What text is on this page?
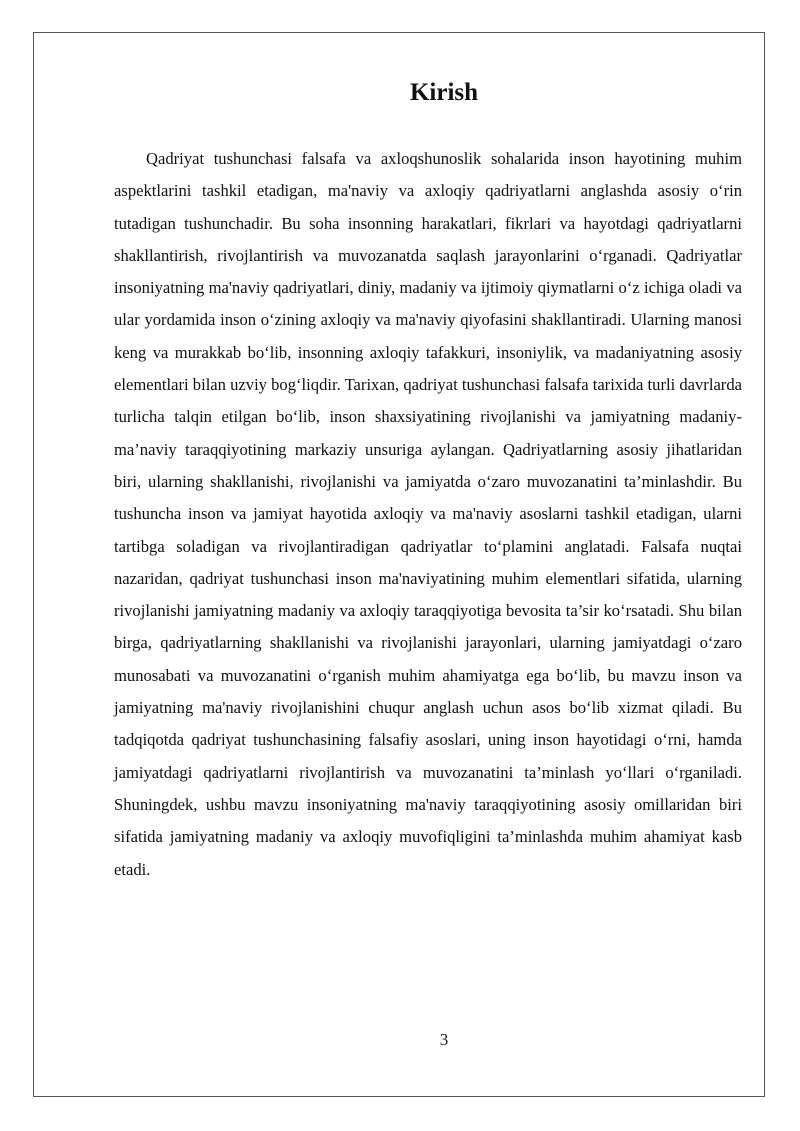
Kirish

Qadriyat tushunchasi falsafa va axloqshunoslik sohalarida inson hayotining muhim aspektlarini tashkil etadigan, ma'naviy va axloqiy qadriyatlarni anglashda asosiy o‘rin tutadigan tushunchadir. Bu soha insonning harakatlari, fikrlari va hayotdagi qadriyatlarni shakllantirish, rivojlantirish va muvozanatda saqlash jarayonlarini o‘rganadi. Qadriyatlar insoniyatning ma'naviy qadriyatlari, diniy, madaniy va ijtimoiy qiymatlarni o‘z ichiga oladi va ular yordamida inson o‘zining axloqiy va ma'naviy qiyofasini shakllantiradi. Ularning manosi keng va murakkab bo‘lib, insonning axloqiy tafakkuri, insoniylik, va madaniyatning asosiy elementlari bilan uzviy bog‘liqdir. Tarixan, qadriyat tushunchasi falsafa tarixida turli davrlarda turlicha talqin etilgan bo‘lib, inson shaxsiyatining rivojlanishi va jamiyatning madaniy-ma’naviy taraqqiyotining markaziy unsuriga aylangan. Qadriyatlarning asosiy jihatlaridan biri, ularning shakllanishi, rivojlanishi va jamiyatda o‘zaro muvozanatini ta’minlashdir. Bu tushuncha inson va jamiyat hayotida axloqiy va ma'naviy asoslarni tashkil etadigan, ularni tartibga soladigan va rivojlantiradigan qadriyatlar to‘plamini anglatadi. Falsafa nuqtai nazaridan, qadriyat tushunchasi inson ma'naviyatining muhim elementlari sifatida, ularning rivojlanishi jamiyatning madaniy va axloqiy taraqqiyotiga bevosita ta’sir ko‘rsatadi. Shu bilan birga, qadriyatlarning shakllanishi va rivojlanishi jarayonlari, ularning jamiyatdagi o‘zaro munosabati va muvozanatini o‘rganish muhim ahamiyatga ega bo‘lib, bu mavzu inson va jamiyatning ma'naviy rivojlanishini chuqur anglash uchun asos bo‘lib xizmat qiladi. Bu tadqiqotda qadriyat tushunchasining falsafiy asoslari, uning inson hayotidagi o‘rni, hamda jamiyatdagi qadriyatlarni rivojlantirish va muvozanatini ta’minlash yo‘llari o‘rganiladi. Shuningdek, ushbu mavzu insoniyatning ma'naviy taraqqiyotining asosiy omillaridan biri sifatida jamiyatning madaniy va axloqiy muvofiqligini ta’minlashda muhim ahamiyat kasb etadi.

3
